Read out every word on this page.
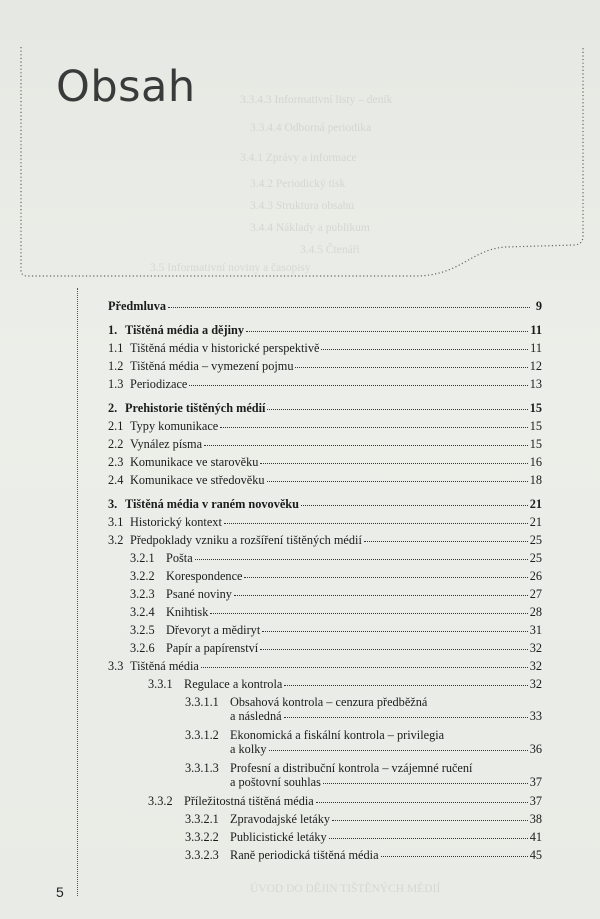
3.3.4.3 Informativní listy – deník
3.3.4.4 Odborná periodika
3.4.1 Zprávy a informace
3.4.2 Periodický tisk
3.4.3 Struktura obsahu
3.4.4 Náklady a publikum
3.4.5 Čtenáři
3.5 Informativní noviny a časopisy
ÚVOD DO DĚJIN TIŠTĚNÝCH MÉDIÍ
Obsah
Předmluva	9
1. Tištěná média a dějiny	11
1.1 Tištěná média v historické perspektivě	11
1.2 Tištěná média – vymezení pojmu	12
1.3 Periodizace	13
2. Prehistorie tištěných médií	15
2.1 Typy komunikace	15
2.2 Vynález písma	15
2.3 Komunikace ve starověku	16
2.4 Komunikace ve středověku	18
3. Tištěná média v raném novověku	21
3.1 Historický kontext	21
3.2 Předpoklady vzniku a rozšíření tištěných médií	25
3.2.1 Pošta	25
3.2.2 Korespondence	26
3.2.3 Psané noviny	27
3.2.4 Knihtisk	28
3.2.5 Dřevoryt a mědiryt	31
3.2.6 Papír a papírenství	32
3.3 Tištěná média	32
3.3.1 Regulace a kontrola	32
3.3.1.1 Obsahová kontrola – cenzura předběžná
a následná	33
3.3.1.2 Ekonomická a fiskální kontrola – privilegia
a kolky	36
3.3.1.3 Profesní a distribuční kontrola – vzájemné ručení
a poštovní souhlas	37
3.3.2 Příležitostná tištěná média	37
3.3.2.1 Zpravodajské letáky	38
3.3.2.2 Publicistické letáky	41
3.3.2.3 Raně periodická tištěná média	45
5
